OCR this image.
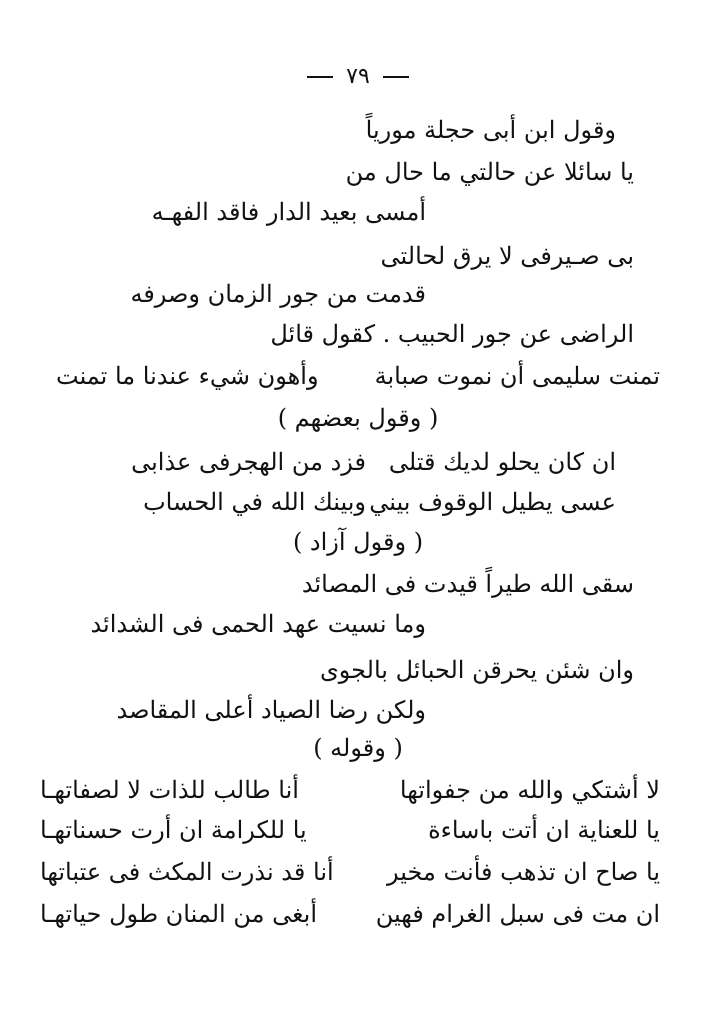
٧٩
وقول ابن أبى حجلة مورياً
يا سائلا عن حالتي ما حال من
أمسى بعيد الدار فاقد الفهـه
بى صـيرفى لا يرق لحالتى
قدمت من جور الزمان وصرفه
الراضى عن جور الحبيب . كقول قائل
تمنت سليمى أن نموت صبابة
وأهون شيء عندنا ما تمنت
( وقول بعضهم )
ان كان يحلو لديك قتلى
فزد من الهجرفى عذابى
عسى يطيل الوقوف بيني
وبينك الله في الحساب
( وقول آزاد )
سقى الله طيراً قيدت فى المصائد
وما نسيت عهد الحمى فى الشدائد
وان شئن يحرقن الحبائل بالجوى
ولكن رضا الصياد أعلى المقاصد
( وقوله )
لا أشتكي والله من جفواتها
أنا طالب للذات لا لصفاتهـا
يا للعناية ان أتت باساءة
يا للكرامة ان أرت حسناتهـا
يا صاح ان تذهب فأنت مخير
أنا قد نذرت المكث فى عتباتها
ان مت فى سبل الغرام فهين
أبغى من المنان طول حياتهـا
